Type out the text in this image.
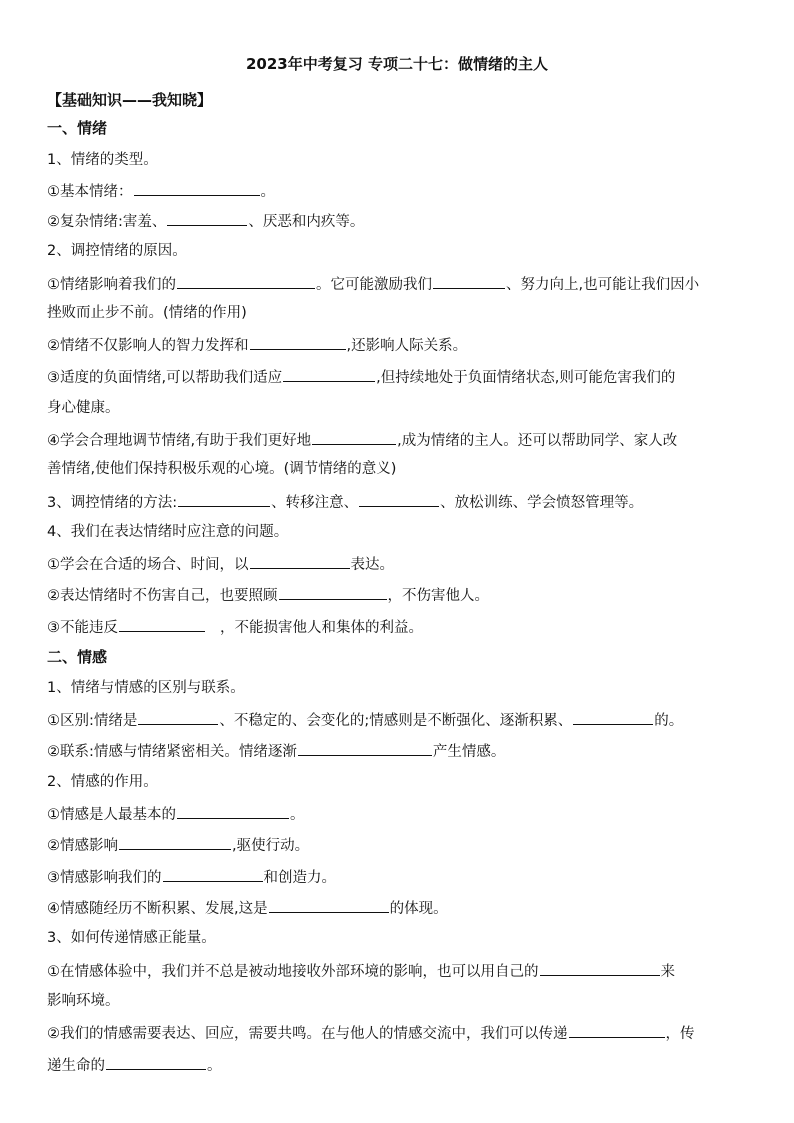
2023年中考复习 专项二十七：做情绪的主人
【基础知识——我知晓】
一、情绪
1、情绪的类型。
①基本情绪：	。
②复杂情绪:害羞、	、厌恶和内疚等。
2、调控情绪的原因。
①情绪影响着我们的	。它可能激励我们	、努力向上,也可能让我们因小
挫败而止步不前。(情绪的作用)
②情绪不仅影响人的智力发挥和	,还影响人际关系。
③适度的负面情绪,可以帮助我们适应	,但持续地处于负面情绪状态,则可能危害我们的
身心健康。
④学会合理地调节情绪,有助于我们更好地	,成为情绪的主人。还可以帮助同学、家人改
善情绪,使他们保持积极乐观的心境。(调节情绪的意义)
3、调控情绪的方法:	、转移注意、	、放松训练、学会愤怒管理等。
4、我们在表达情绪时应注意的问题。
①学会在合适的场合、时间，以	表达。
②表达情绪时不伤害自己，也要照顾	，不伤害他人。
③不能违反	，不能损害他人和集体的利益。
二、情感
1、情绪与情感的区别与联系。
①区别:情绪是	、不稳定的、会变化的;情感则是不断强化、逐渐积累、	的。
②联系:情感与情绪紧密相关。情绪逐渐	产生情感。
2、情感的作用。
①情感是人最基本的	。
②情感影响	,驱使行动。
③情感影响我们的	和创造力。
④情感随经历不断积累、发展,这是	的体现。
3、如何传递情感正能量。
①在情感体验中，我们并不总是被动地接收外部环境的影响，也可以用自己的	来
影响环境。
②我们的情感需要表达、回应，需要共鸣。在与他人的情感交流中，我们可以传递	，传
递生命的	。
